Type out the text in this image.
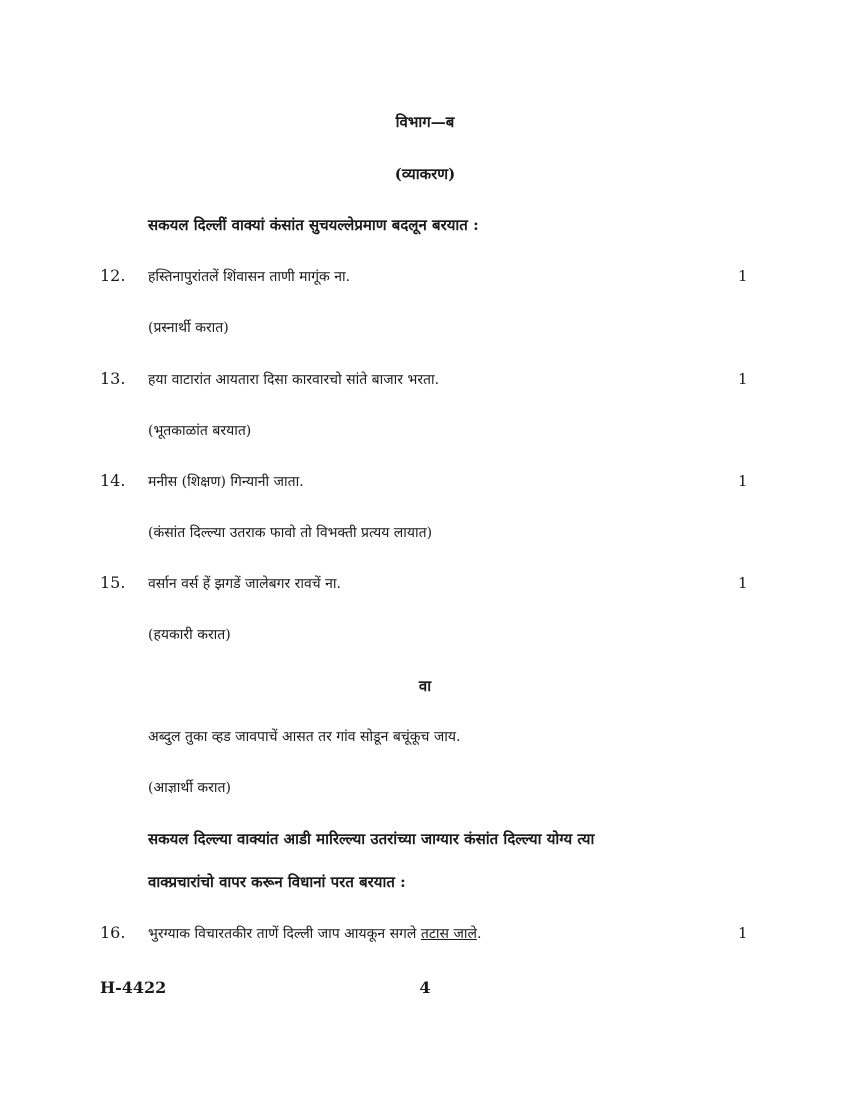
विभाग—ब
(व्याकरण)
सकयल दिल्लीं वाक्यां कंसांत सुचयल्लेप्रमाण बदलून बरयात :
12. हस्तिनापुरांतलें शिंवासन ताणी मागूंक ना.	1
(प्रस्नार्थी करात)
13. हया वाटारांत आयतारा दिसा कारवारचो सांते बाजार भरता.	1
(भूतकाळांत बरयात)
14. मनीस (शिक्षण) गिन्यानी जाता.	1
(कंसांत दिल्ल्या उतराक फावो तो विभक्ती प्रत्यय लायात)
15. वर्सान वर्स हें झगडें जालेबगर रावचें ना.	1
(हयकारी करात)
वा
अब्दुल तुका व्हड जावपाचें आसत तर गांव सोडून बचूंकूच जाय.
(आज्ञार्थी करात)
सकयल दिल्ल्या वाक्यांत आडी मारिल्ल्या उतरांच्या जाग्यार कंसांत दिल्ल्या योग्य त्या
वाक्प्रचारांचो वापर करून विधानां परत बरयात :
16. भुरग्याक विचारतकीर ताणें दिल्ली जाप आयकून सगले तटास जाले.	1
H-4422	4
